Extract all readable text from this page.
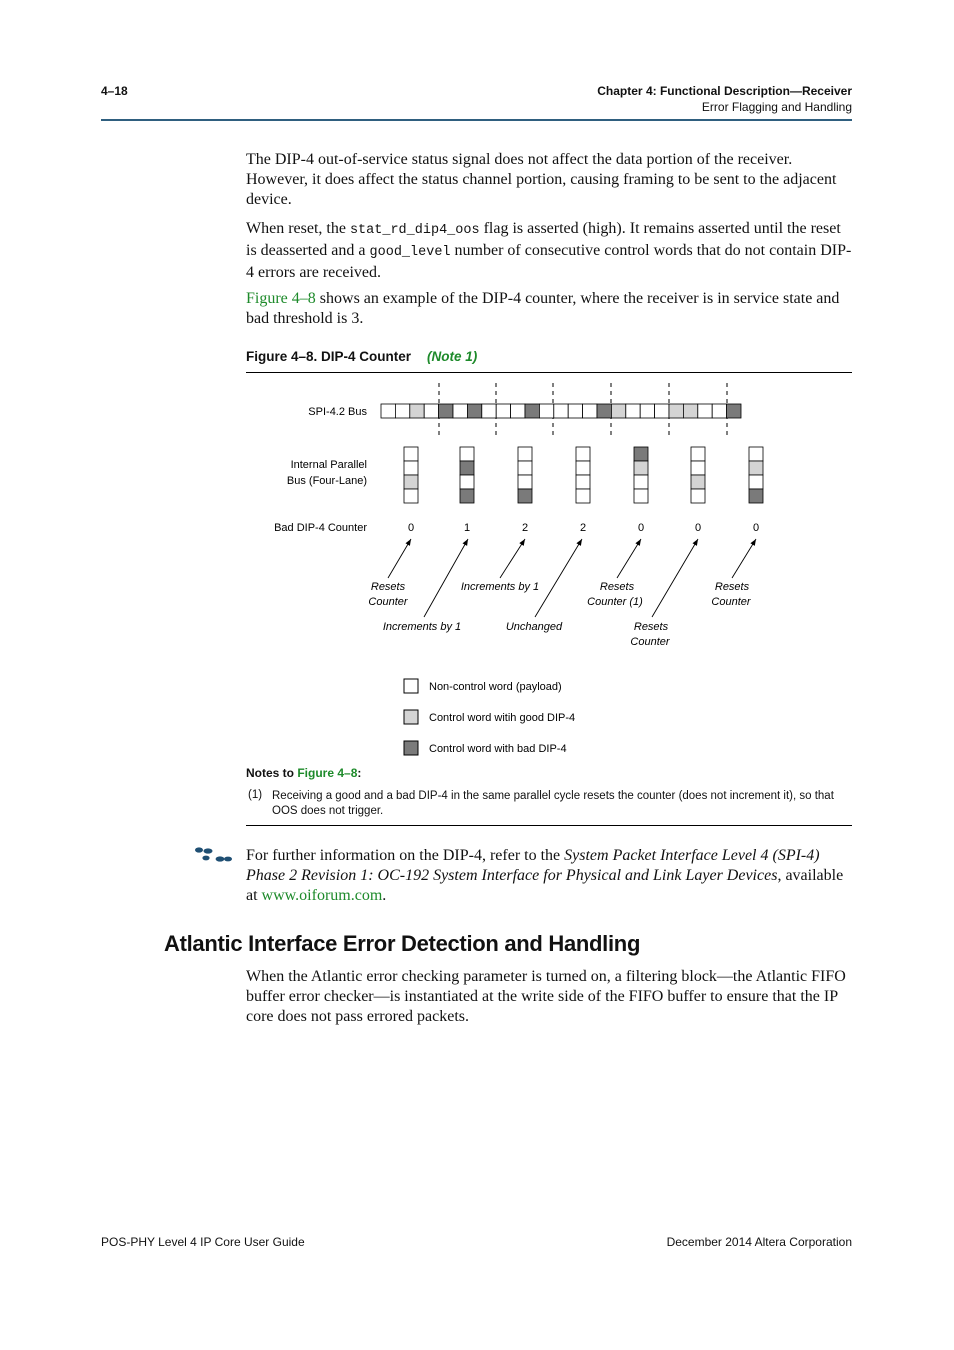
4–18	Chapter 4: Functional Description—Receiver
Error Flagging and Handling

The DIP-4 out-of-service status signal does not affect the data portion of the receiver. However, it does affect the status channel portion, causing framing to be sent to the adjacent device.

When reset, the stat_rd_dip4_oos flag is asserted (high). It remains asserted until the reset is deasserted and a good_level number of consecutive control words that do not contain DIP-4 errors are received.

Figure 4–8 shows an example of the DIP-4 counter, where the receiver is in service state and bad threshold is 3.

Figure 4–8. DIP-4 Counter (Note 1)
SPI-4.2 Bus
Internal Parallel
Bus (Four-Lane)
Bad DIP-4 Counter	0	1	2	2	0	0	0
Resets
Counter
Increments by 1
Increments by 1	Unchanged
Resets
Counter (1)
Resets
Counter
Resets
Counter
Non-control word (payload)
Control word witih good DIP-4
Control word with bad DIP-4
Notes to Figure 4–8:
(1) Receiving a good and a bad DIP-4 in the same parallel cycle resets the counter (does not increment it), so that OOS does not trigger.

For further information on the DIP-4, refer to the System Packet Interface Level 4 (SPI-4) Phase 2 Revision 1: OC-192 System Interface for Physical and Link Layer Devices, available at www.oiforum.com.

Atlantic Interface Error Detection and Handling

When the Atlantic error checking parameter is turned on, a filtering block—the Atlantic FIFO buffer error checker—is instantiated at the write side of the FIFO buffer to ensure that the IP core does not pass errored packets.

POS-PHY Level 4 IP Core User Guide	December 2014 Altera Corporation
